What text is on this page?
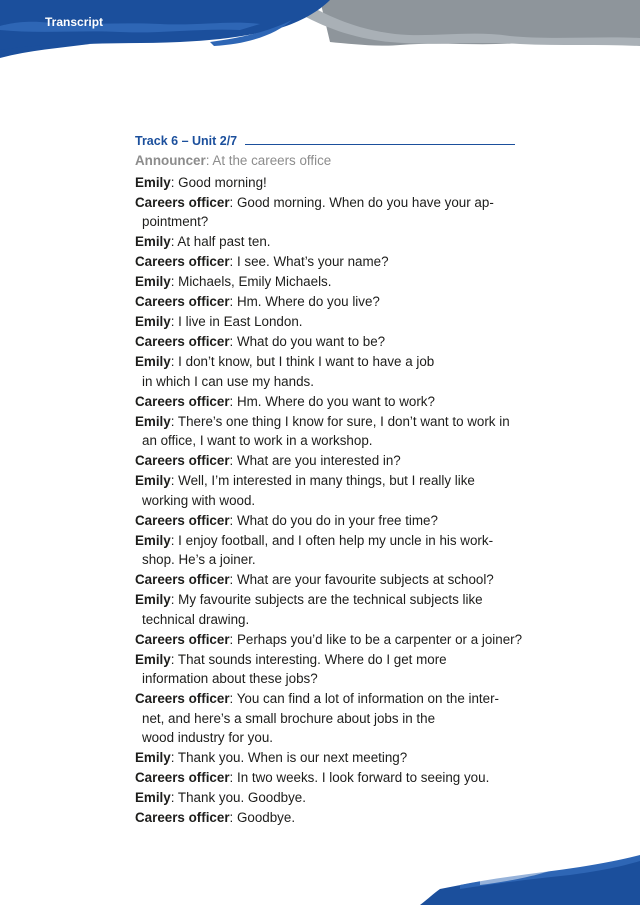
Transcript
Track 6 – Unit 2/7
Announcer: At the careers office
Emily: Good morning!
Careers officer: Good morning. When do you have your ap-
pointment?
Emily: At half past ten.
Careers officer: I see. What’s your name?
Emily: Michaels, Emily Michaels.
Careers officer: Hm. Where do you live?
Emily: I live in East London.
Careers officer: What do you want to be?
Emily: I don’t know, but I think I want to have a job
in which I can use my hands.
Careers officer: Hm. Where do you want to work?
Emily: There’s one thing I know for sure, I don’t want to work in
an office, I want to work in a workshop.
Careers officer: What are you interested in?
Emily: Well, I’m interested in many things, but I really like
working with wood.
Careers officer: What do you do in your free time?
Emily: I enjoy football, and I often help my uncle in his work-
shop. He’s a joiner.
Careers officer: What are your favourite subjects at school?
Emily: My favourite subjects are the technical subjects like
technical drawing.
Careers officer: Perhaps you’d like to be a carpenter or a joiner?
Emily: That sounds interesting. Where do I get more
information about these jobs?
Careers officer: You can find a lot of information on the inter-
net, and here’s a small brochure about jobs in the
wood industry for you.
Emily: Thank you. When is our next meeting?
Careers officer: In two weeks. I look forward to seeing you.
Emily: Thank you. Goodbye.
Careers officer: Goodbye.
